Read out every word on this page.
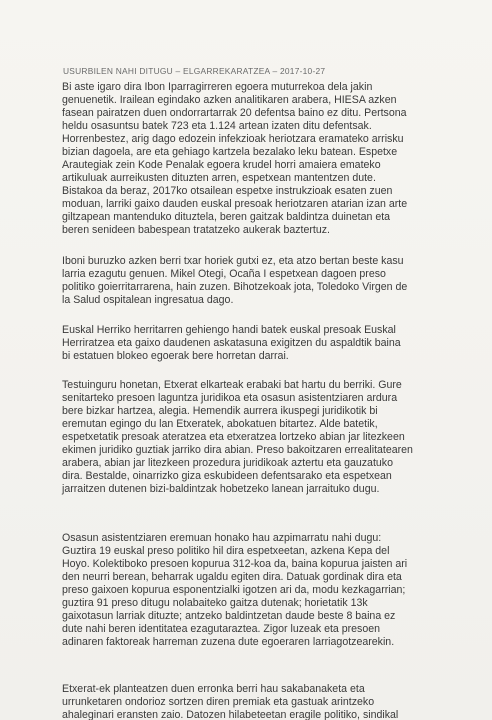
USURBILEN NAHI DITUGU – ELGARREKARATZEA – 2017-10-27
Bi aste igaro dira Ibon Iparragirreren egoera muturrekoa dela jakin
genuenetik. Irailean egindako azken analitikaren arabera, HIESA azken
fasean pairatzen duen ondorrartarrak 20 defentsa baino ez ditu. Pertsona
heldu osasuntsu batek 723 eta 1.124 artean izaten ditu defentsak.
Horrenbestez, arig dago edozein infekzioak heriotzara eramateko arrisku
bizian dagoela, are eta gehiago kartzela bezalako leku batean. Espetxe
Arautegiak zein Kode Penalak egoera krudel horri amaiera emateko
artikuluak aurreikusten dituzten arren, espetxean mantentzen dute.
Bistakoa da beraz, 2017ko otsailean espetxe instrukzioak esaten zuen
moduan, larriki gaixo dauden euskal presoak heriotzaren atarian izan arte
giltzapean mantenduko dituztela, beren gaitzak baldintza duinetan eta
beren senideen babespean tratatzeko aukerak baztertuz.
Iboni buruzko azken berri txar horiek gutxi ez, eta atzo bertan beste kasu
larria ezagutu genuen. Mikel Otegi, Ocaña I espetxean dagoen preso
politiko goierritarrarena, hain zuzen. Bihotzekoak jota, Toledoko Virgen de
la Salud ospitalean ingresatua dago.
Euskal Herriko herritarren gehiengo handi batek euskal presoak Euskal
Herriratzea eta gaixo daudenen askatasuna exigitzen du aspaldtik baina
bi estatuen blokeo egoerak bere horretan darrai.
Testuinguru honetan, Etxerat elkarteak erabaki bat hartu du berriki. Gure
senitarteko presoen laguntza juridikoa eta osasun asistentziaren ardura
bere bizkar hartzea, alegia. Hemendik aurrera ikuspegi juridikotik bi
eremutan egingo du lan Etxeratek, abokatuen bitartez. Alde batetik,
espetxetatik presoak ateratzea eta etxeratzea lortzeko abian jar litezkeen
ekimen juridiko guztiak jarriko dira abian. Preso bakoitzaren errealitatearen
arabera, abian jar litezkeen prozedura juridikoak aztertu eta gauzatuko
dira. Bestalde, oinarrizko giza eskubideen defentsarako eta espetxean
jarraitzen dutenen bizi-baldintzak hobetzeko lanean jarraituko dugu.
Osasun asistentziaren eremuan honako hau azpimarratu nahi dugu:
Guztira 19 euskal preso politiko hil dira espetxeetan, azkena Kepa del
Hoyo. Kolektiboko presoen kopurua 312-koa da, baina kopurua jaisten ari
den neurri berean, beharrak ugaldu egiten dira. Datuak gordinak dira eta
preso gaixoen kopurua esponentzialki igotzen ari da, modu kezkagarrian;
guztira 91 preso ditugu nolabaiteko gaitza dutenak; horietatik 13k
gaixotasun larriak dituzte; antzeko baldintzetan daude beste 8 baina ez
dute nahi beren identitatea ezagutaraztea. Zigor luzeak eta presoen
adinaren faktoreak harreman zuzena dute egoeraren larriagotzearekin.
Etxerat-ek planteatzen duen erronka berri hau sakabanaketa eta
urrunketaren ondorioz sortzen diren premiak eta gastuak arintzeko
ahaleginari eransten zaio. Datozen hilabeteetan eragile politiko, sindikal
